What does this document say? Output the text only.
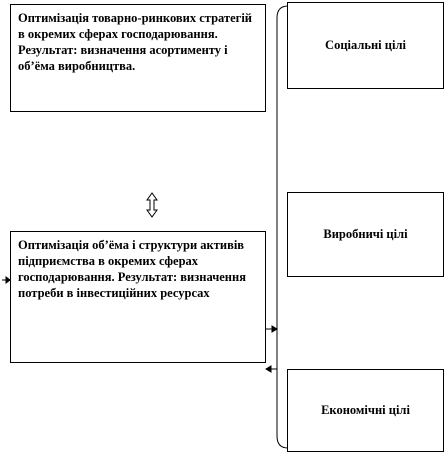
Оптимізація товарно-ринкових стратегій в окремих сферах господарювання. Результат: визначення асортименту і об’ёма виробництва.
Оптимізація об’ёма і структури активів підприємства в окремих сферах господарювання. Результат: визначення потреби в інвестиційних ресурсах
Соціальні цілі
Виробничі цілі
Економічні цілі
